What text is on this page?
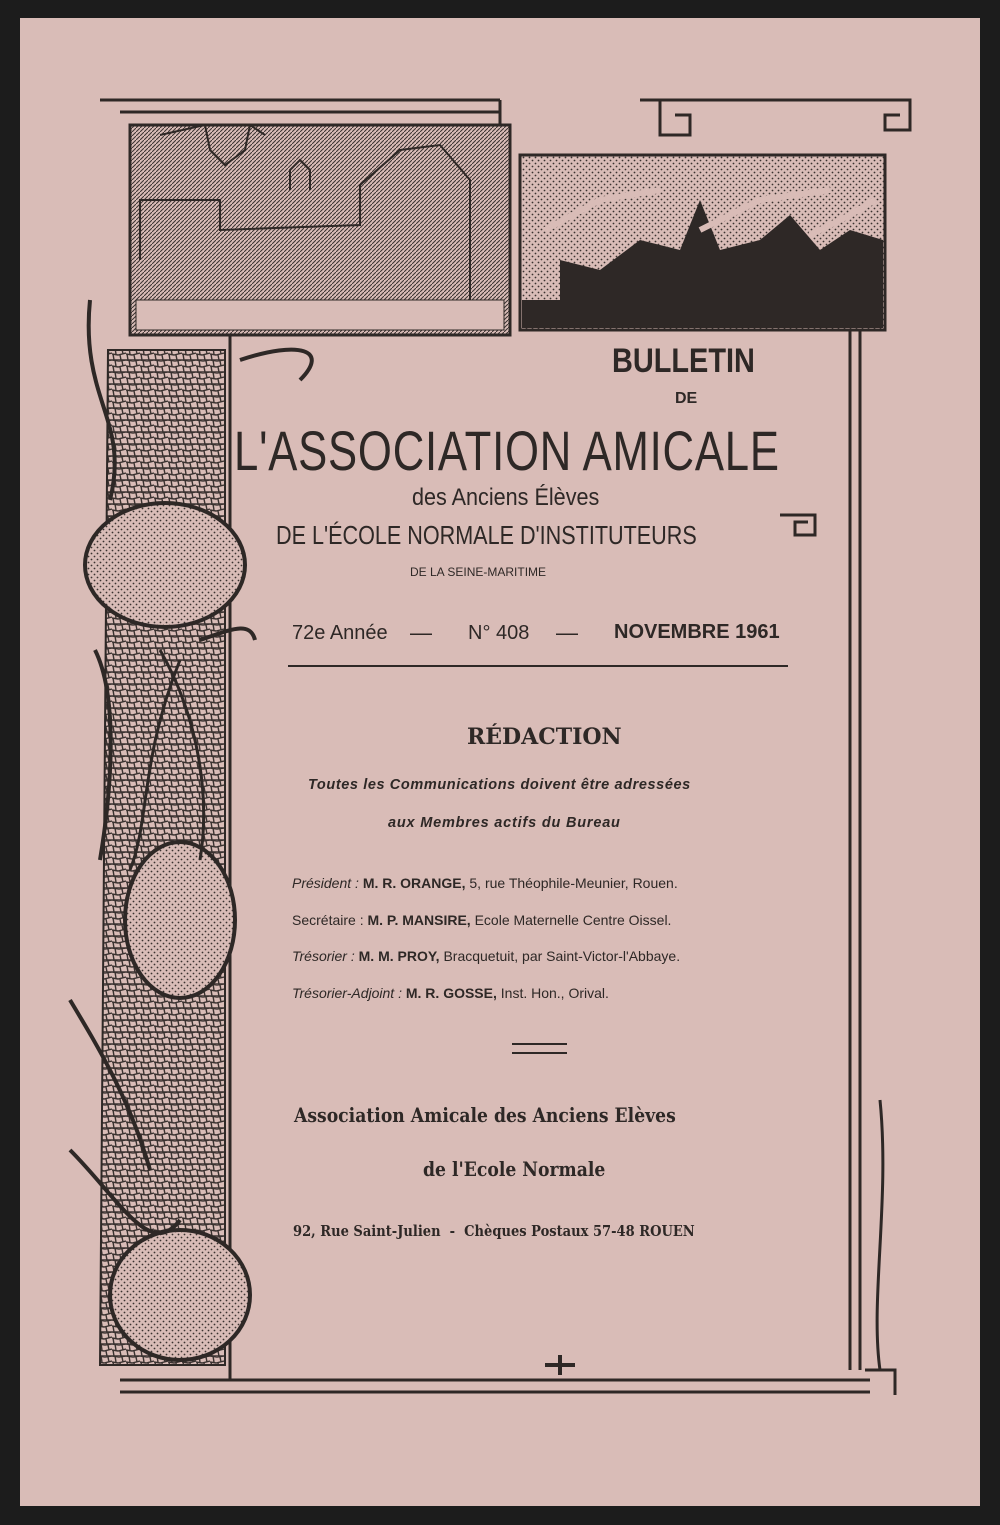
BULLETIN
DE
L'ASSOCIATION AMICALE
des Anciens Élèves
DE L'ÉCOLE NORMALE D'INSTITUTEURS
DE LA SEINE-MARITIME
72e Année — N° 408 — NOVEMBRE 1961
RÉDACTION
Toutes les Communications doivent être adressées
aux Membres actifs du Bureau
Président : M. R. ORANGE, 5, rue Théophile-Meunier, Rouen.
Secrétaire : M. P. MANSIRE, Ecole Maternelle Centre Oissel.
Trésorier : M. M. PROY, Bracquetuit, par Saint-Victor-l'Abbaye.
Trésorier-Adjoint : M. R. GOSSE, Inst. Hon., Orival.
Association Amicale des Anciens Elèves
de l'Ecole Normale
92, Rue Saint-Julien  -  Chèques Postaux 57-48 ROUEN
